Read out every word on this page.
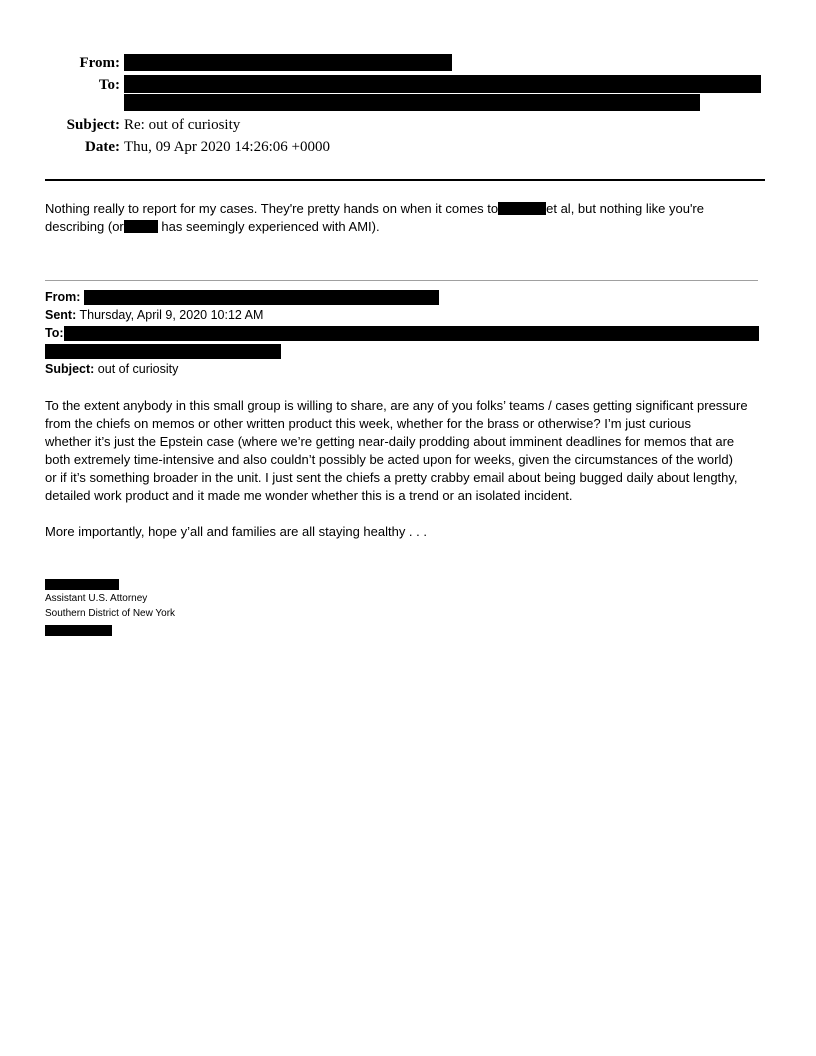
From:
To:
Subject: Re: out of curiosity
Date: Thu, 09 Apr 2020 14:26:06 +0000
Nothing really to report for my cases. They're pretty hands on when it comes to	et al, but nothing like you're
describing (or	has seemingly experienced with AMI).
From:
Sent: Thursday, April 9, 2020 10:12 AM
To:
Subject: out of curiosity
To the extent anybody in this small group is willing to share, are any of you folks’ teams / cases getting significant pressure
from the chiefs on memos or other written product this week, whether for the brass or otherwise? I’m just curious
whether it’s just the Epstein case (where we’re getting near-daily prodding about imminent deadlines for memos that are
both extremely time-intensive and also couldn’t possibly be acted upon for weeks, given the circumstances of the world)
or if it’s something broader in the unit. I just sent the chiefs a pretty crabby email about being bugged daily about lengthy,
detailed work product and it made me wonder whether this is a trend or an isolated incident.
More importantly, hope y’all and families are all staying healthy . . .
Assistant U.S. Attorney
Southern District of New York
